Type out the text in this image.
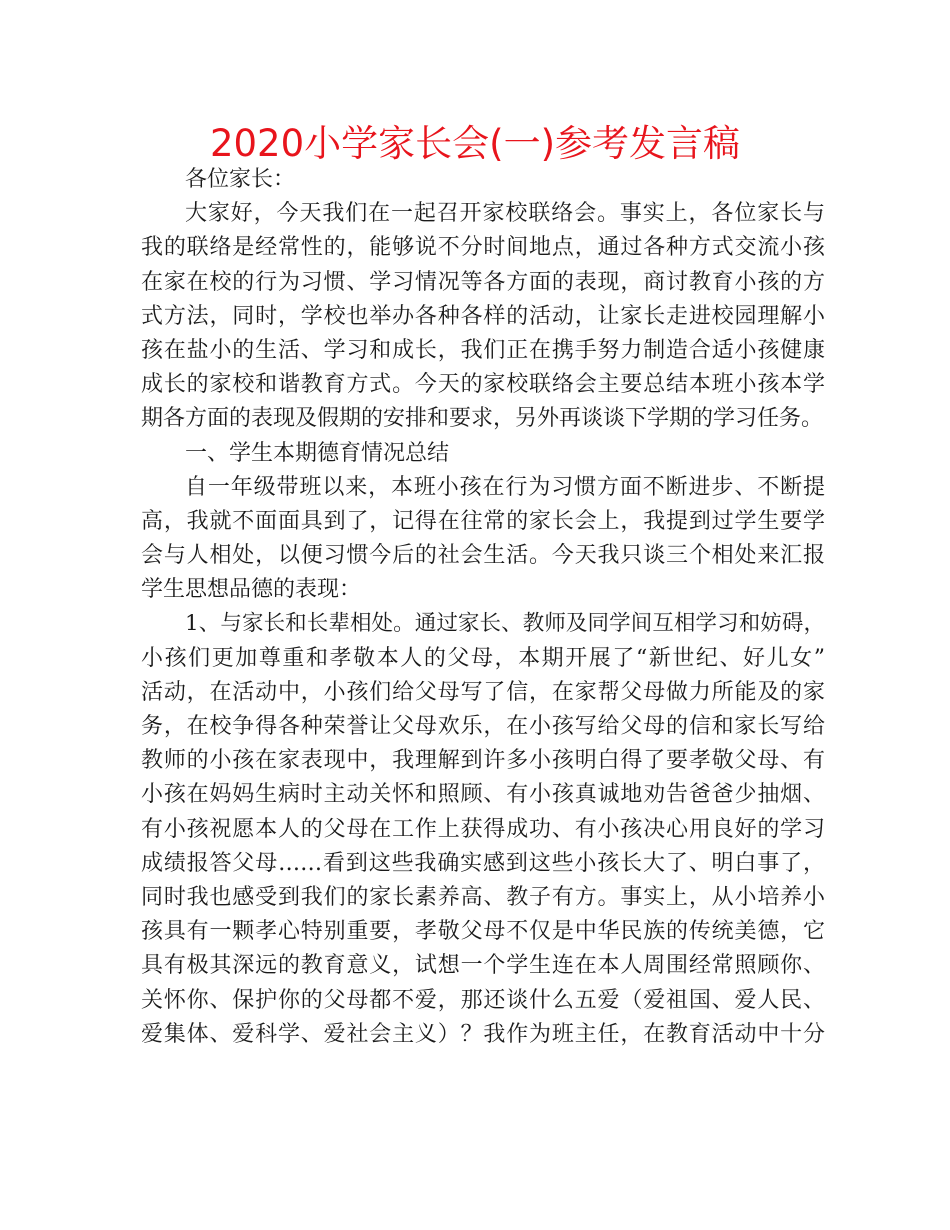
2020小学家长会(一)参考发言稿
各位家长：
大家好，今天我们在一起召开家校联络会。事实上，各位家长与
我的联络是经常性的，能够说不分时间地点，通过各种方式交流小孩
在家在校的行为习惯、学习情况等各方面的表现，商讨教育小孩的方
式方法，同时，学校也举办各种各样的活动，让家长走进校园理解小
孩在盐小的生活、学习和成长，我们正在携手努力制造合适小孩健康
成长的家校和谐教育方式。今天的家校联络会主要总结本班小孩本学
期各方面的表现及假期的安排和要求，另外再谈谈下学期的学习任务。
一、学生本期德育情况总结
自一年级带班以来，本班小孩在行为习惯方面不断进步、不断提
高，我就不面面具到了，记得在往常的家长会上，我提到过学生要学
会与人相处，以便习惯今后的社会生活。今天我只谈三个相处来汇报
学生思想品德的表现：
1、与家长和长辈相处。通过家长、教师及同学间互相学习和妨碍，
小孩们更加尊重和孝敬本人的父母，本期开展了“新世纪、好儿女”
活动，在活动中，小孩们给父母写了信，在家帮父母做力所能及的家
务，在校争得各种荣誉让父母欢乐，在小孩写给父母的信和家长写给
教师的小孩在家表现中，我理解到许多小孩明白得了要孝敬父母、有
小孩在妈妈生病时主动关怀和照顾、有小孩真诚地劝告爸爸少抽烟、
有小孩祝愿本人的父母在工作上获得成功、有小孩决心用良好的学习
成绩报答父母……看到这些我确实感到这些小孩长大了、明白事了，
同时我也感受到我们的家长素养高、教子有方。事实上，从小培养小
孩具有一颗孝心特别重要，孝敬父母不仅是中华民族的传统美德，它
具有极其深远的教育意义，试想一个学生连在本人周围经常照顾你、
关怀你、保护你的父母都不爱，那还谈什么五爱（爱祖国、爱人民、
爱集体、爱科学、爱社会主义）？我作为班主任，在教育活动中十分
